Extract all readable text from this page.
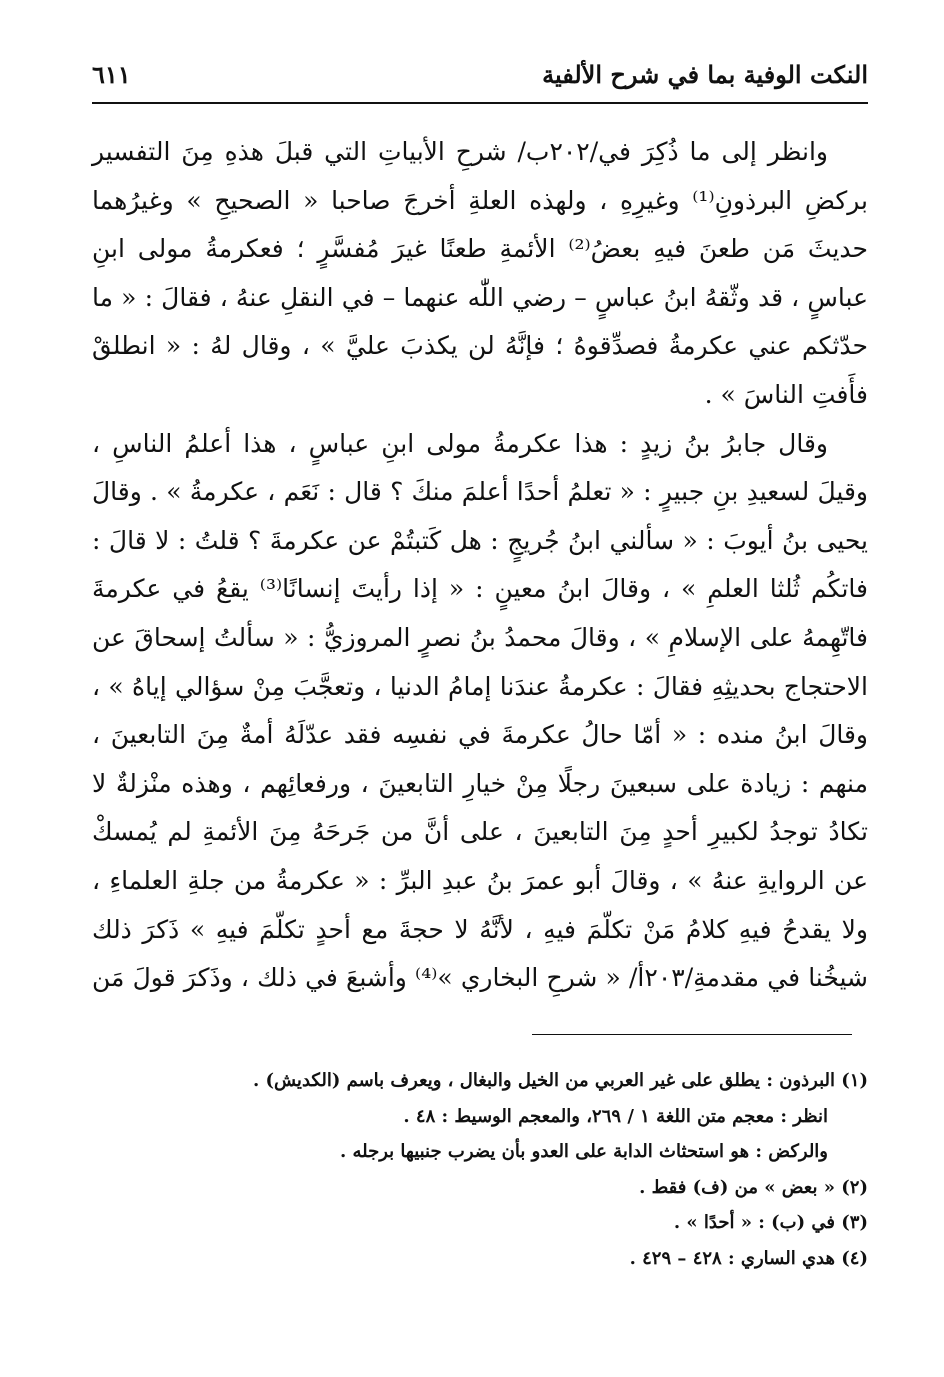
النكت الوفية بما في شرح الألفية
٦١١

وانظر إلى ما ذُكِرَ في/٢٠٢ب/ شرحِ الأبياتِ التي قبلَ هذهِ مِنَ التفسير بركضِ البرذونِ⁽¹⁾ وغيرِهِ ، ولهذه العلةِ أخرجَ صاحبا « الصحيحِ » وغيرُهما حديثَ مَن طعنَ فيهِ بعضُ⁽²⁾ الأئمةِ طعنًا غيرَ مُفسَّرٍ ؛ فعكرمةُ مولى ابنِ عباسٍ ، قد وثّقهُ ابنُ عباسٍ – رضي اللّٰه عنهما – في النقلِ عنهُ ، فقالَ : « ما حدّثكم عني عكرمةُ فصدِّقوهُ ؛ فإنَّهُ لن يكذبَ عليَّ » ، وقال لهُ : « انطلقْ فأَفتِ الناسَ » .

وقال جابرُ بنُ زيدٍ : هذا عكرمةُ مولى ابنِ عباسٍ ، هذا أعلمُ الناسِ ، وقيلَ لسعيدِ بنِ جبيرٍ : « تعلمُ أحدًا أعلمَ منكَ ؟ قال : نَعَم ، عكرمةُ » . وقالَ يحيى بنُ أيوبَ : « سألني ابنُ جُريجٍ : هل كَتبتُمْ عن عكرمةَ ؟ قلتُ : لا قالَ : فاتكُم ثُلثا العلمِ » ، وقالَ ابنُ معينٍ : « إذا رأيتَ إنسانًا⁽³⁾ يقعُ في عكرمةَ فاتّهِمهُ على الإسلامِ » ، وقالَ محمدُ بنُ نصرٍ المروزيُّ : « سألتُ إسحاقَ عن الاحتجاج بحديثِهِ فقالَ : عكرمةُ عندَنا إمامُ الدنيا ، وتعجَّبَ مِنْ سؤالي إياهُ » ، وقالَ ابنُ منده : « أمّا حالُ عكرمةَ في نفسِه فقد عدّلَهُ أمةٌ مِنَ التابعينَ ، منهم : زيادة على سبعينَ رجلًا مِنْ خيارِ التابعينَ ، ورفعائِهم ، وهذه منْزلةٌ لا تكادُ توجدُ لكبيرِ أحدٍ مِنَ التابعينَ ، على أنَّ من جَرحَهُ مِنَ الأئمةِ لم يُمسكْ عن الروايةِ عنهُ » ، وقالَ أبو عمرَ بنُ عبدِ البرِّ : « عكرمةُ من جلةِ العلماءِ ، ولا يقدحُ فيهِ كلامُ مَنْ تكلّمَ فيهِ ، لأنَّهُ لا حجةَ مع أحدٍ تكلّمَ فيهِ » ذَكرَ ذلك شيخُنا في مقدمةِ/٢٠٣أ/ « شرحِ البخاري »⁽⁴⁾ وأشبعَ في ذلك ، وذَكرَ قولَ مَن

(١) البرذون : يطلق على غير العربي من الخيل والبغال ، ويعرف باسم (الكديش) .
انظر : معجم متن اللغة ١ / ٢٦٩، والمعجم الوسيط : ٤٨ .
والركض : هو استحثاث الدابة على العدو بأن يضرب جنبيها برجله .
(٢) « بعض » من (ف) فقط .
(٣) في (ب) : « أحدًا » .
(٤) هدي الساري : ٤٢٨ – ٤٢٩ .
